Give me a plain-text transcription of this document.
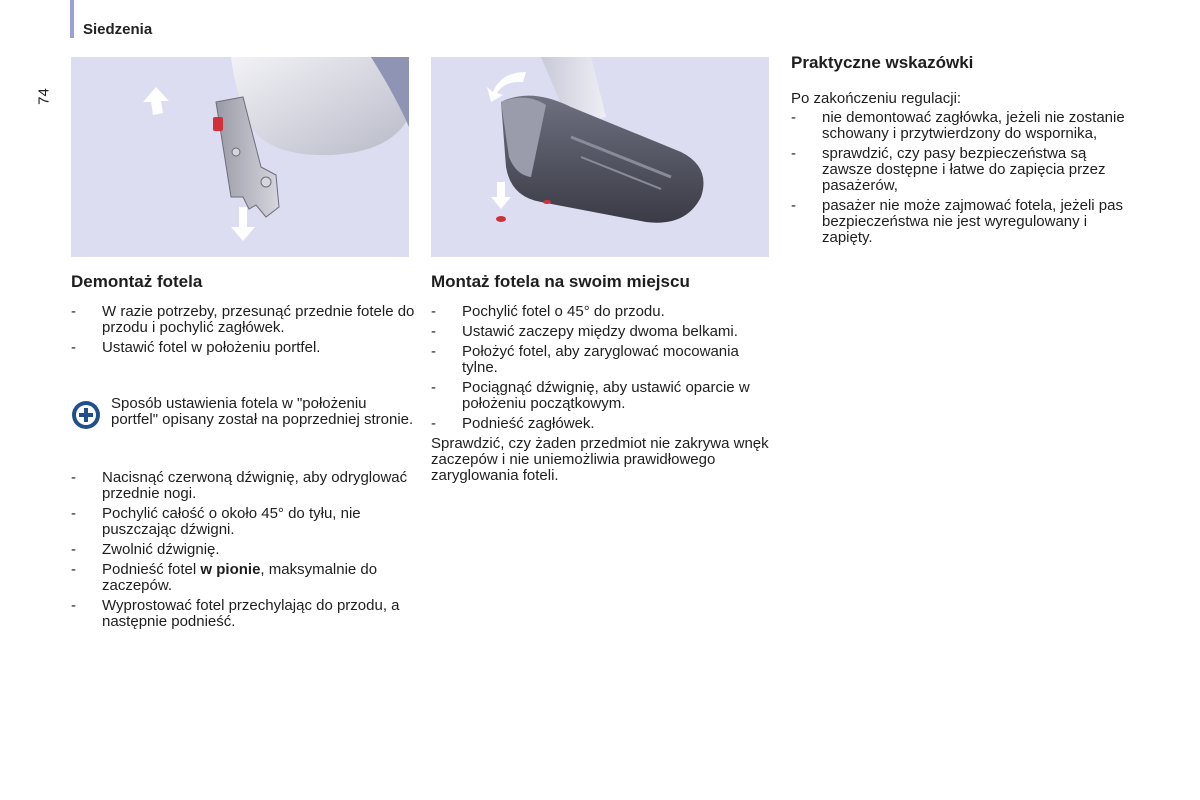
Siedzenia
74
Demontaż fotela
- W razie potrzeby, przesunąć przednie fotele do przodu i pochylić zagłówek.
- Ustawić fotel w położeniu portfel.
Sposób ustawienia fotela w "położeniu portfel" opisany został na poprzedniej stronie.
- Nacisnąć czerwoną dźwignię, aby odryglować przednie nogi.
- Pochylić całość o około 45° do tyłu, nie puszczając dźwigni.
- Zwolnić dźwignię.
- Podnieść fotel w pionie, maksymalnie do zaczepów.
- Wyprostować fotel przechylając do przodu, a następnie podnieść.
Montaż fotela na swoim miejscu
- Pochylić fotel o 45° do przodu.
- Ustawić zaczepy między dwoma belkami.
- Położyć fotel, aby zaryglować mocowania tylne.
- Pociągnąć dźwignię, aby ustawić oparcie w położeniu początkowym.
- Podnieść zagłówek.

Sprawdzić, czy żaden przedmiot nie zakrywa wnęk zaczepów i nie uniemożliwia prawidłowego zaryglowania foteli.

Praktyczne wskazówki

Po zakończeniu regulacji:

- nie demontować zagłówka, jeżeli nie zostanie schowany i przytwierdzony do wspornika,
- sprawdzić, czy pasy bezpieczeństwa są zawsze dostępne i łatwe do zapięcia przez pasażerów,
- pasażer nie może zajmować fotela, jeżeli pas bezpieczeństwa nie jest wyregulowany i zapięty.
